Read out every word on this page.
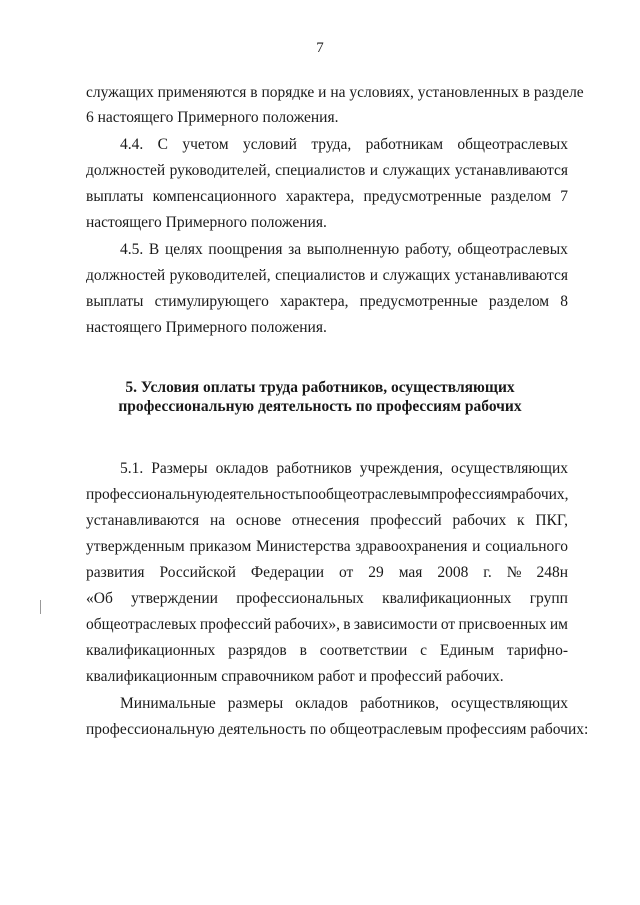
7
служащих применяются в порядке и на условиях, установленных в разделе
6 настоящего Примерного положения.
4.4. С учетом условий труда, работникам общеотраслевых
должностей руководителей, специалистов и служащих устанавливаются
выплаты компенсационного характера, предусмотренные разделом 7
настоящего Примерного положения.
4.5. В целях поощрения за выполненную работу, общеотраслевых
должностей руководителей, специалистов и служащих устанавливаются
выплаты стимулирующего характера, предусмотренные разделом 8
настоящего Примерного положения.
5. Условия оплаты труда работников, осуществляющих
профессиональную деятельность по профессиям рабочих
5.1. Размеры окладов работников учреждения, осуществляющих
профессиональную деятельность по общеотраслевым профессиям рабочих,
устанавливаются на основе отнесения профессий рабочих к ПКГ,
утвержденным приказом Министерства здравоохранения и социального
развития Российской Федерации от 29 мая 2008 г. № 248н
«Об утверждении профессиональных квалификационных групп
общеотраслевых профессий рабочих», в зависимости от присвоенных им
квалификационных разрядов в соответствии с Единым тарифно-
квалификационным справочником работ и профессий рабочих.
Минимальные размеры окладов работников, осуществляющих
профессиональную деятельность по общеотраслевым профессиям рабочих:
